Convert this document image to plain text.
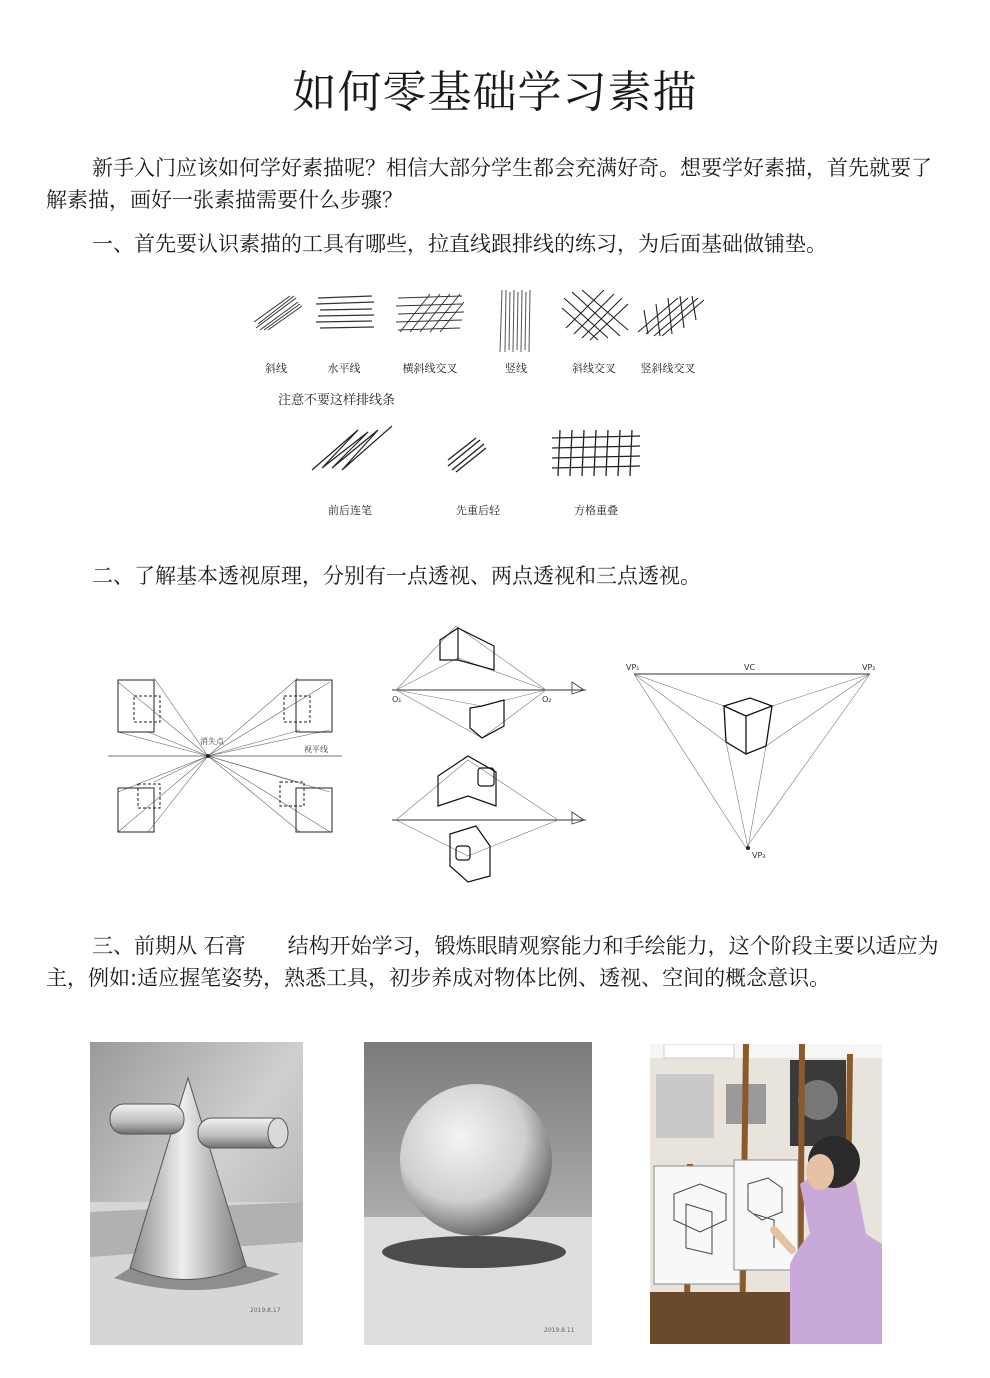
如何零基础学习素描

新手入门应该如何学好素描呢？相信大部分学生都会充满好奇。想要学好素描，首先就要了解素描，画好一张素描需要什么步骤？

一、首先要认识素描的工具有哪些，拉直线跟排线的练习，为后面基础做铺垫。

斜线	水平线	横斜线交叉	竖线	斜线交叉 竖斜线交叉
注意不要这样排线条
前后连笔	先重后轻	方格重叠

二、了解基本透视原理，分别有一点透视、两点透视和三点透视。

消失点
视平线
O₁	O₂
VP₁	VC	VP₂
VP₃

三、前期从 石膏　　结构开始学习，锻炼眼睛观察能力和手绘能力，这个阶段主要以适应为主，例如:适应握笔姿势，熟悉工具，初步养成对物体比例、透视、空间的概念意识。

2019.8.17
2019.8.11
